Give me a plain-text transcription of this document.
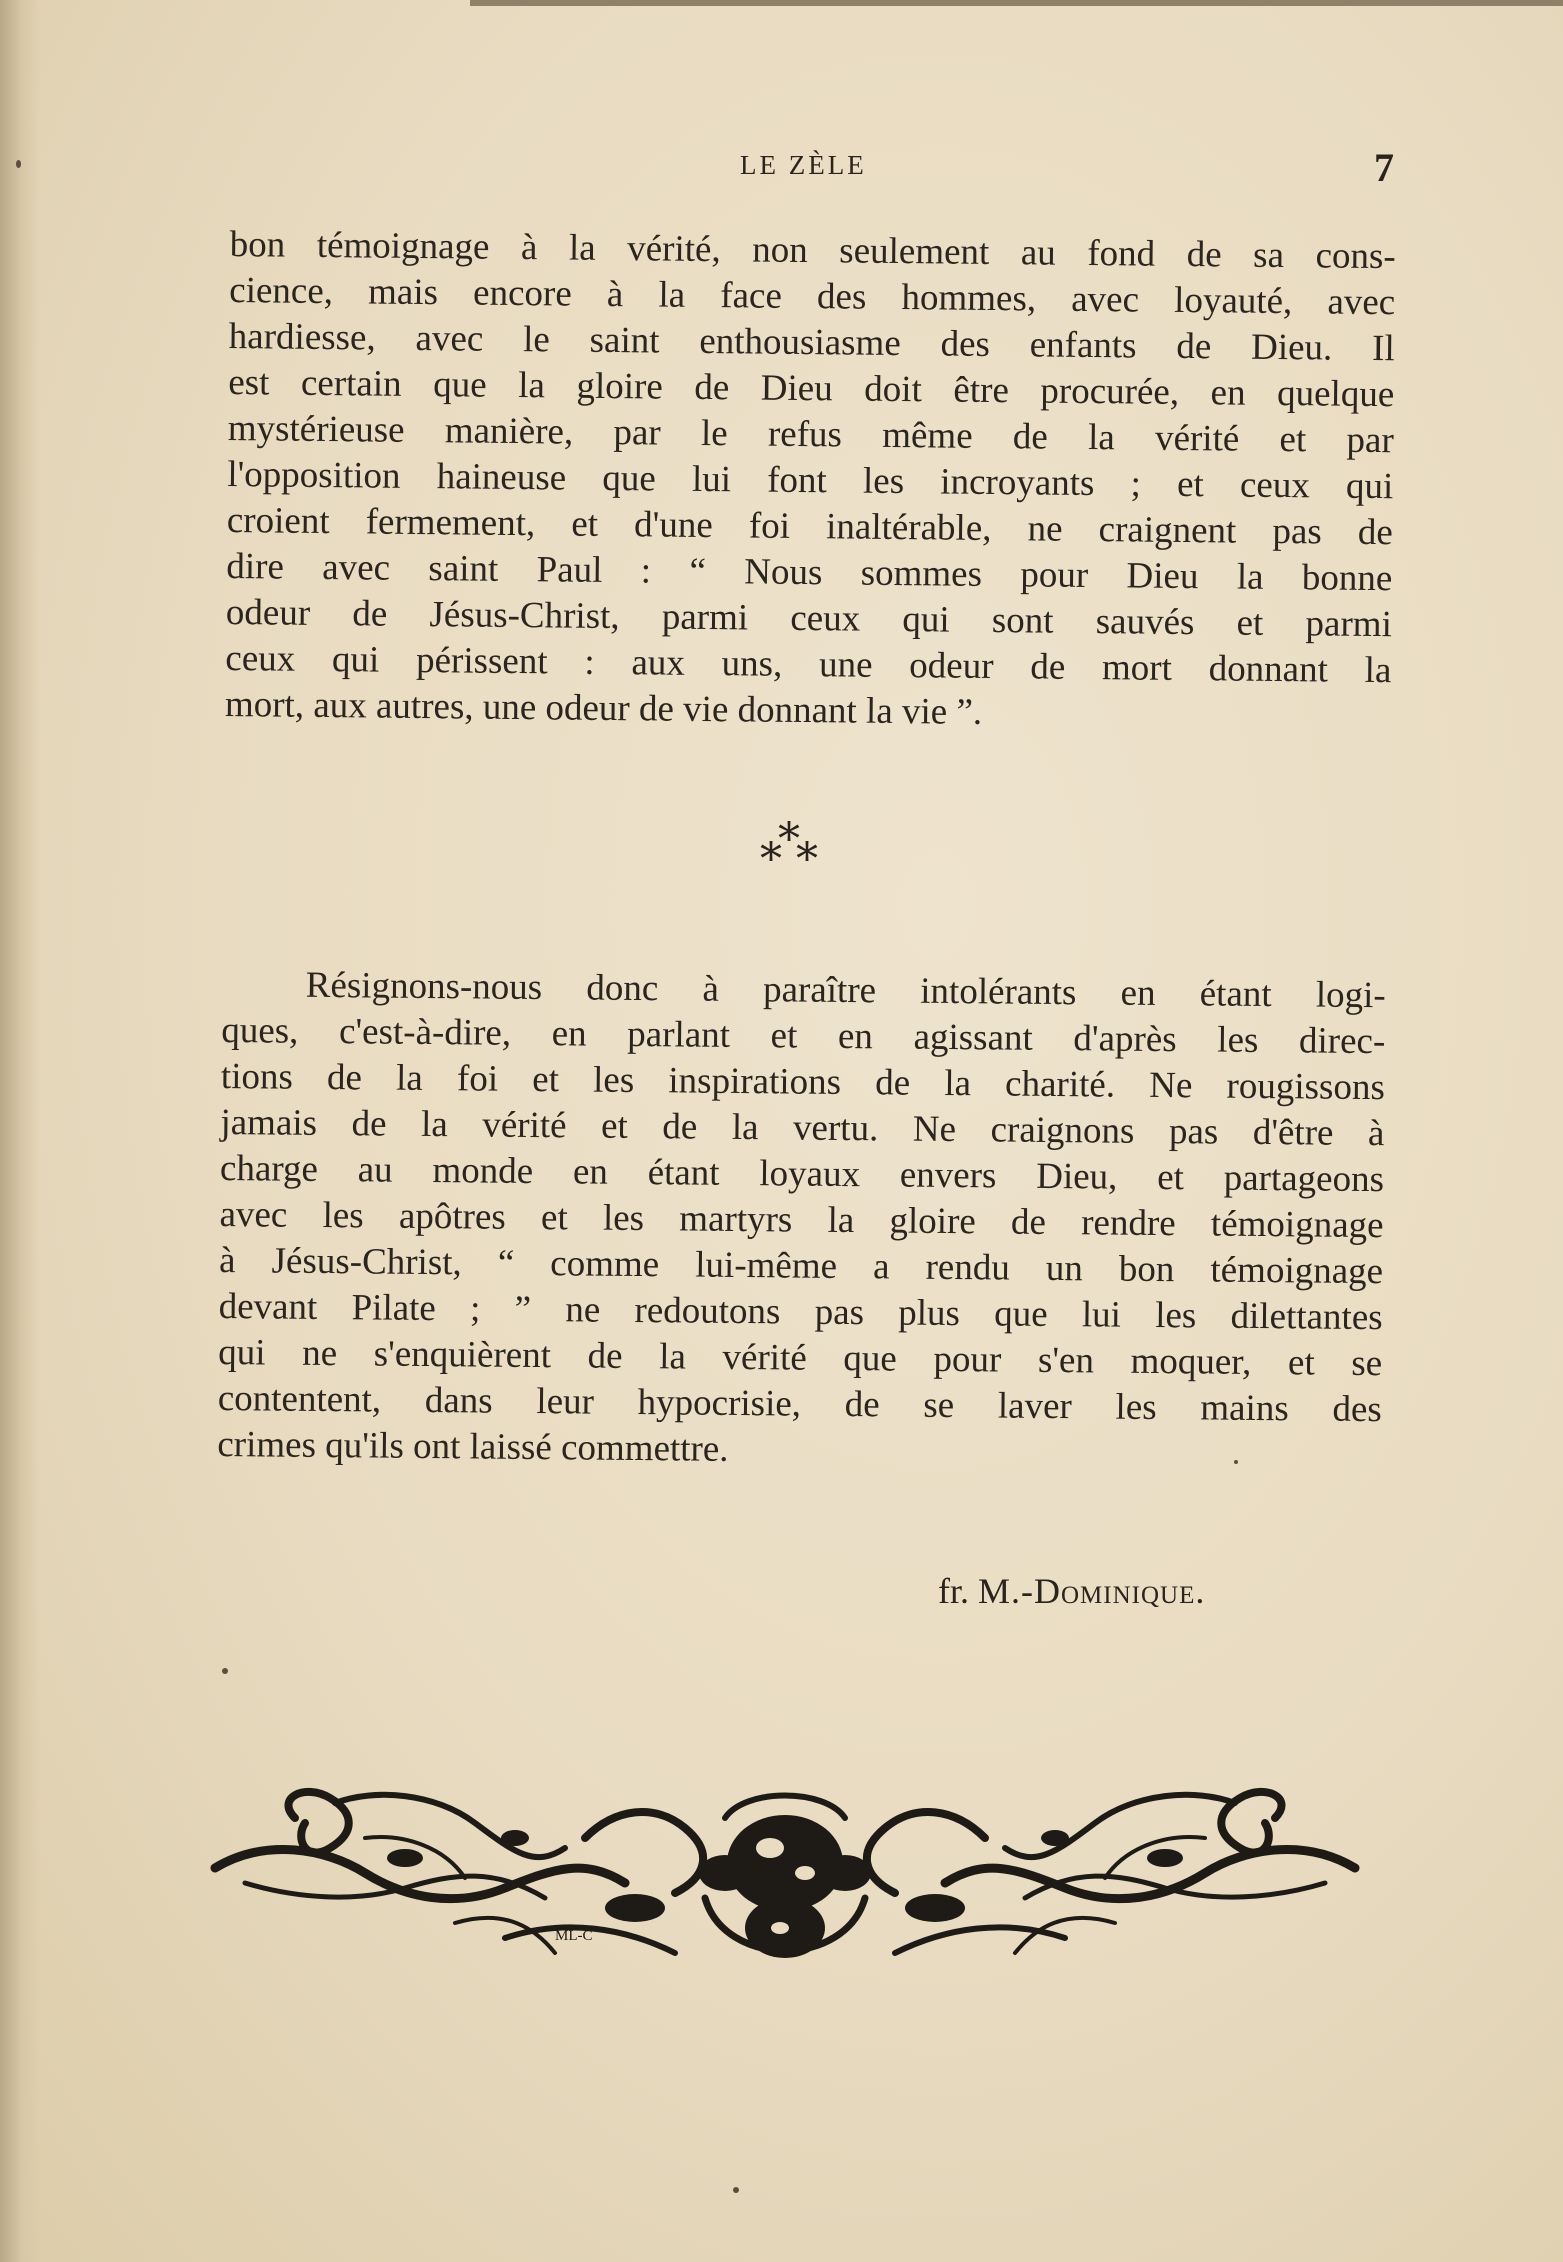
LE ZÈLE	7
bon témoignage à la vérité, non seulement au fond de sa cons-
cience, mais encore à la face des hommes, avec loyauté, avec
hardiesse, avec le saint enthousiasme des enfants de Dieu. Il
est certain que la gloire de Dieu doit être procurée, en quelque
mystérieuse manière, par le refus même de la vérité et par
l'opposition haineuse que lui font les incroyants ; et ceux qui
croient fermement, et d'une foi inaltérable, ne craignent pas de
dire avec saint Paul : “ Nous sommes pour Dieu la bonne
odeur de Jésus-Christ, parmi ceux qui sont sauvés et parmi
ceux qui périssent : aux uns, une odeur de mort donnant la
mort, aux autres, une odeur de vie donnant la vie ”.
***
Résignons-nous donc à paraître intolérants en étant logi-
ques, c'est-à-dire, en parlant et en agissant d'après les direc-
tions de la foi et les inspirations de la charité. Ne rougissons
jamais de la vérité et de la vertu. Ne craignons pas d'être à
charge au monde en étant loyaux envers Dieu, et partageons
avec les apôtres et les martyrs la gloire de rendre témoignage
à Jésus-Christ, “ comme lui-même a rendu un bon témoignage
devant Pilate ; ” ne redoutons pas plus que lui les dilettantes
qui ne s'enquièrent de la vérité que pour s'en moquer, et se
contentent, dans leur hypocrisie, de se laver les mains des
crimes qu'ils ont laissé commettre.
fr. M.-Dominique.
ML-C
